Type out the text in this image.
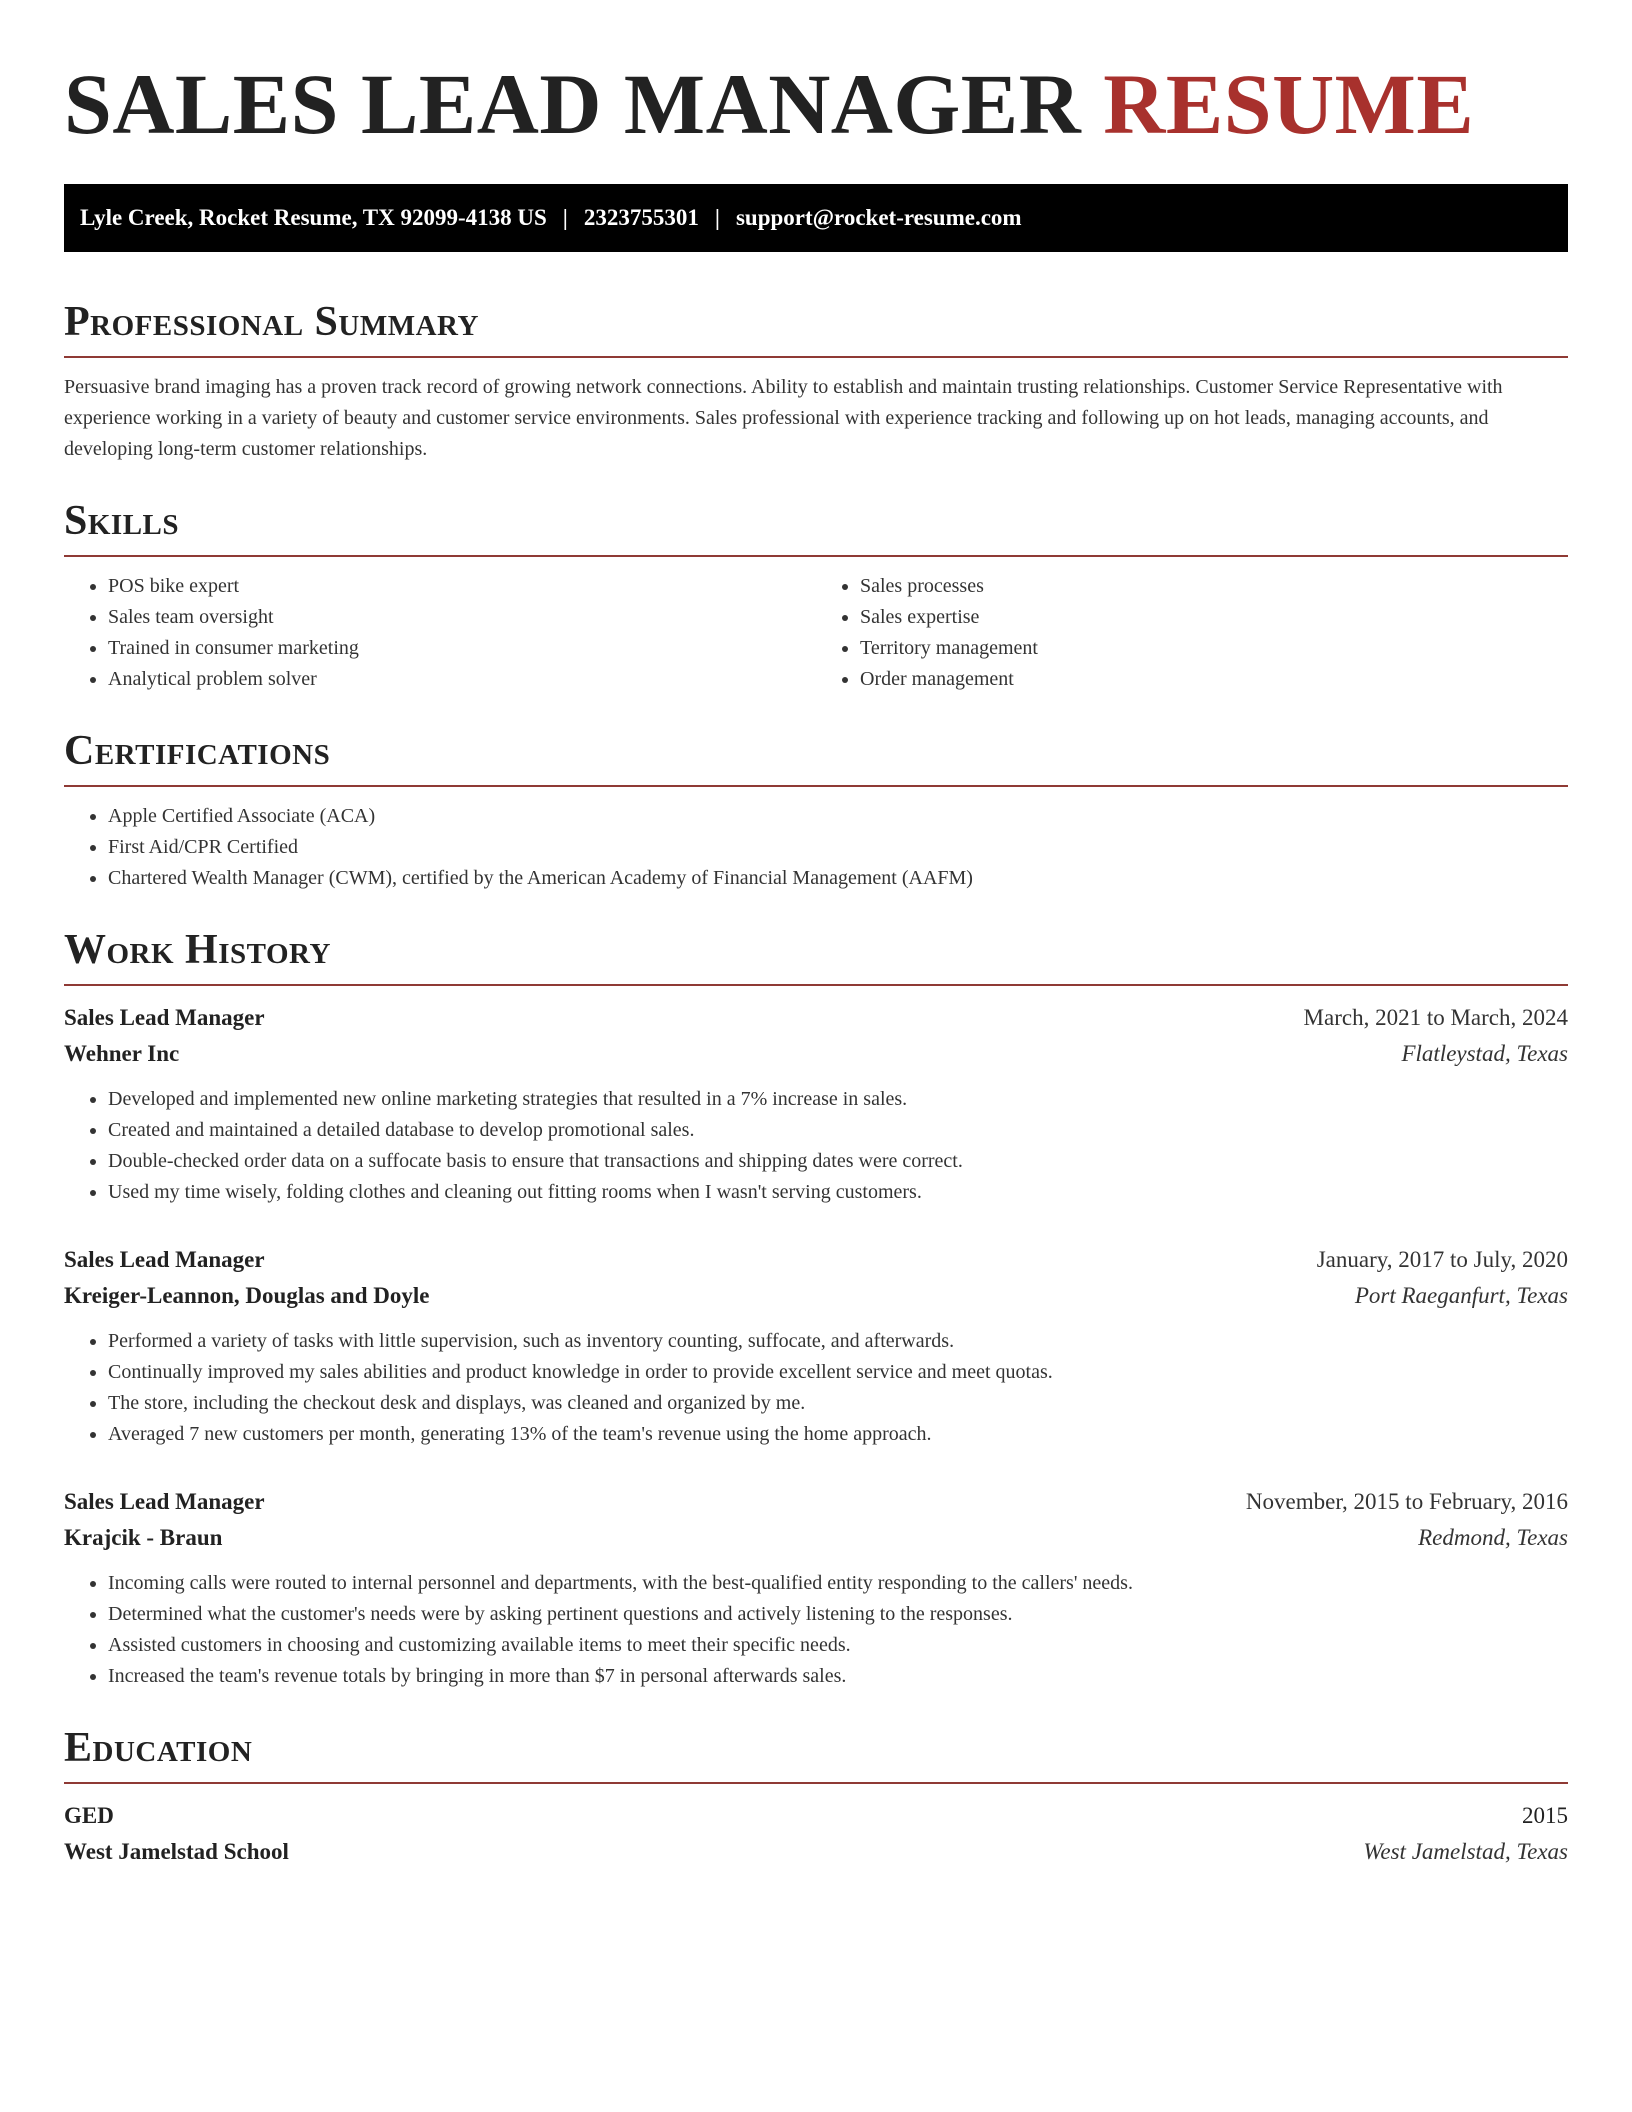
SALES LEAD MANAGER RESUME
Lyle Creek, Rocket Resume, TX 92099-4138 US | 2323755301 | support@rocket-resume.com
Professional Summary

Persuasive brand imaging has a proven track record of growing network connections. Ability to establish and maintain trusting relationships. Customer Service Representative with experience working in a variety of beauty and customer service environments. Sales professional with experience tracking and following up on hot leads, managing accounts, and developing long-term customer relationships.

Skills
• POS bike expert
• Sales team oversight
• Trained in consumer marketing
• Analytical problem solver
• Sales processes
• Sales expertise
• Territory management
• Order management
Certifications
• Apple Certified Associate (ACA)
• First Aid/CPR Certified
• Chartered Wealth Manager (CWM), certified by the American Academy of Financial Management (AAFM)
Work History
Sales Lead Manager	March, 2021 to March, 2024
Wehner Inc	Flatleystad, Texas
• Developed and implemented new online marketing strategies that resulted in a 7% increase in sales.
• Created and maintained a detailed database to develop promotional sales.
• Double-checked order data on a suffocate basis to ensure that transactions and shipping dates were correct.
• Used my time wisely, folding clothes and cleaning out fitting rooms when I wasn't serving customers.
Sales Lead Manager	January, 2017 to July, 2020
Kreiger-Leannon, Douglas and Doyle	Port Raeganfurt, Texas
• Performed a variety of tasks with little supervision, such as inventory counting, suffocate, and afterwards.
• Continually improved my sales abilities and product knowledge in order to provide excellent service and meet quotas.
• The store, including the checkout desk and displays, was cleaned and organized by me.
• Averaged 7 new customers per month, generating 13% of the team's revenue using the home approach.
Sales Lead Manager	November, 2015 to February, 2016
Krajcik - Braun	Redmond, Texas
• Incoming calls were routed to internal personnel and departments, with the best-qualified entity responding to the callers' needs.
• Determined what the customer's needs were by asking pertinent questions and actively listening to the responses.
• Assisted customers in choosing and customizing available items to meet their specific needs.
• Increased the team's revenue totals by bringing in more than $7 in personal afterwards sales.
Education
GED	2015
West Jamelstad School	West Jamelstad, Texas
